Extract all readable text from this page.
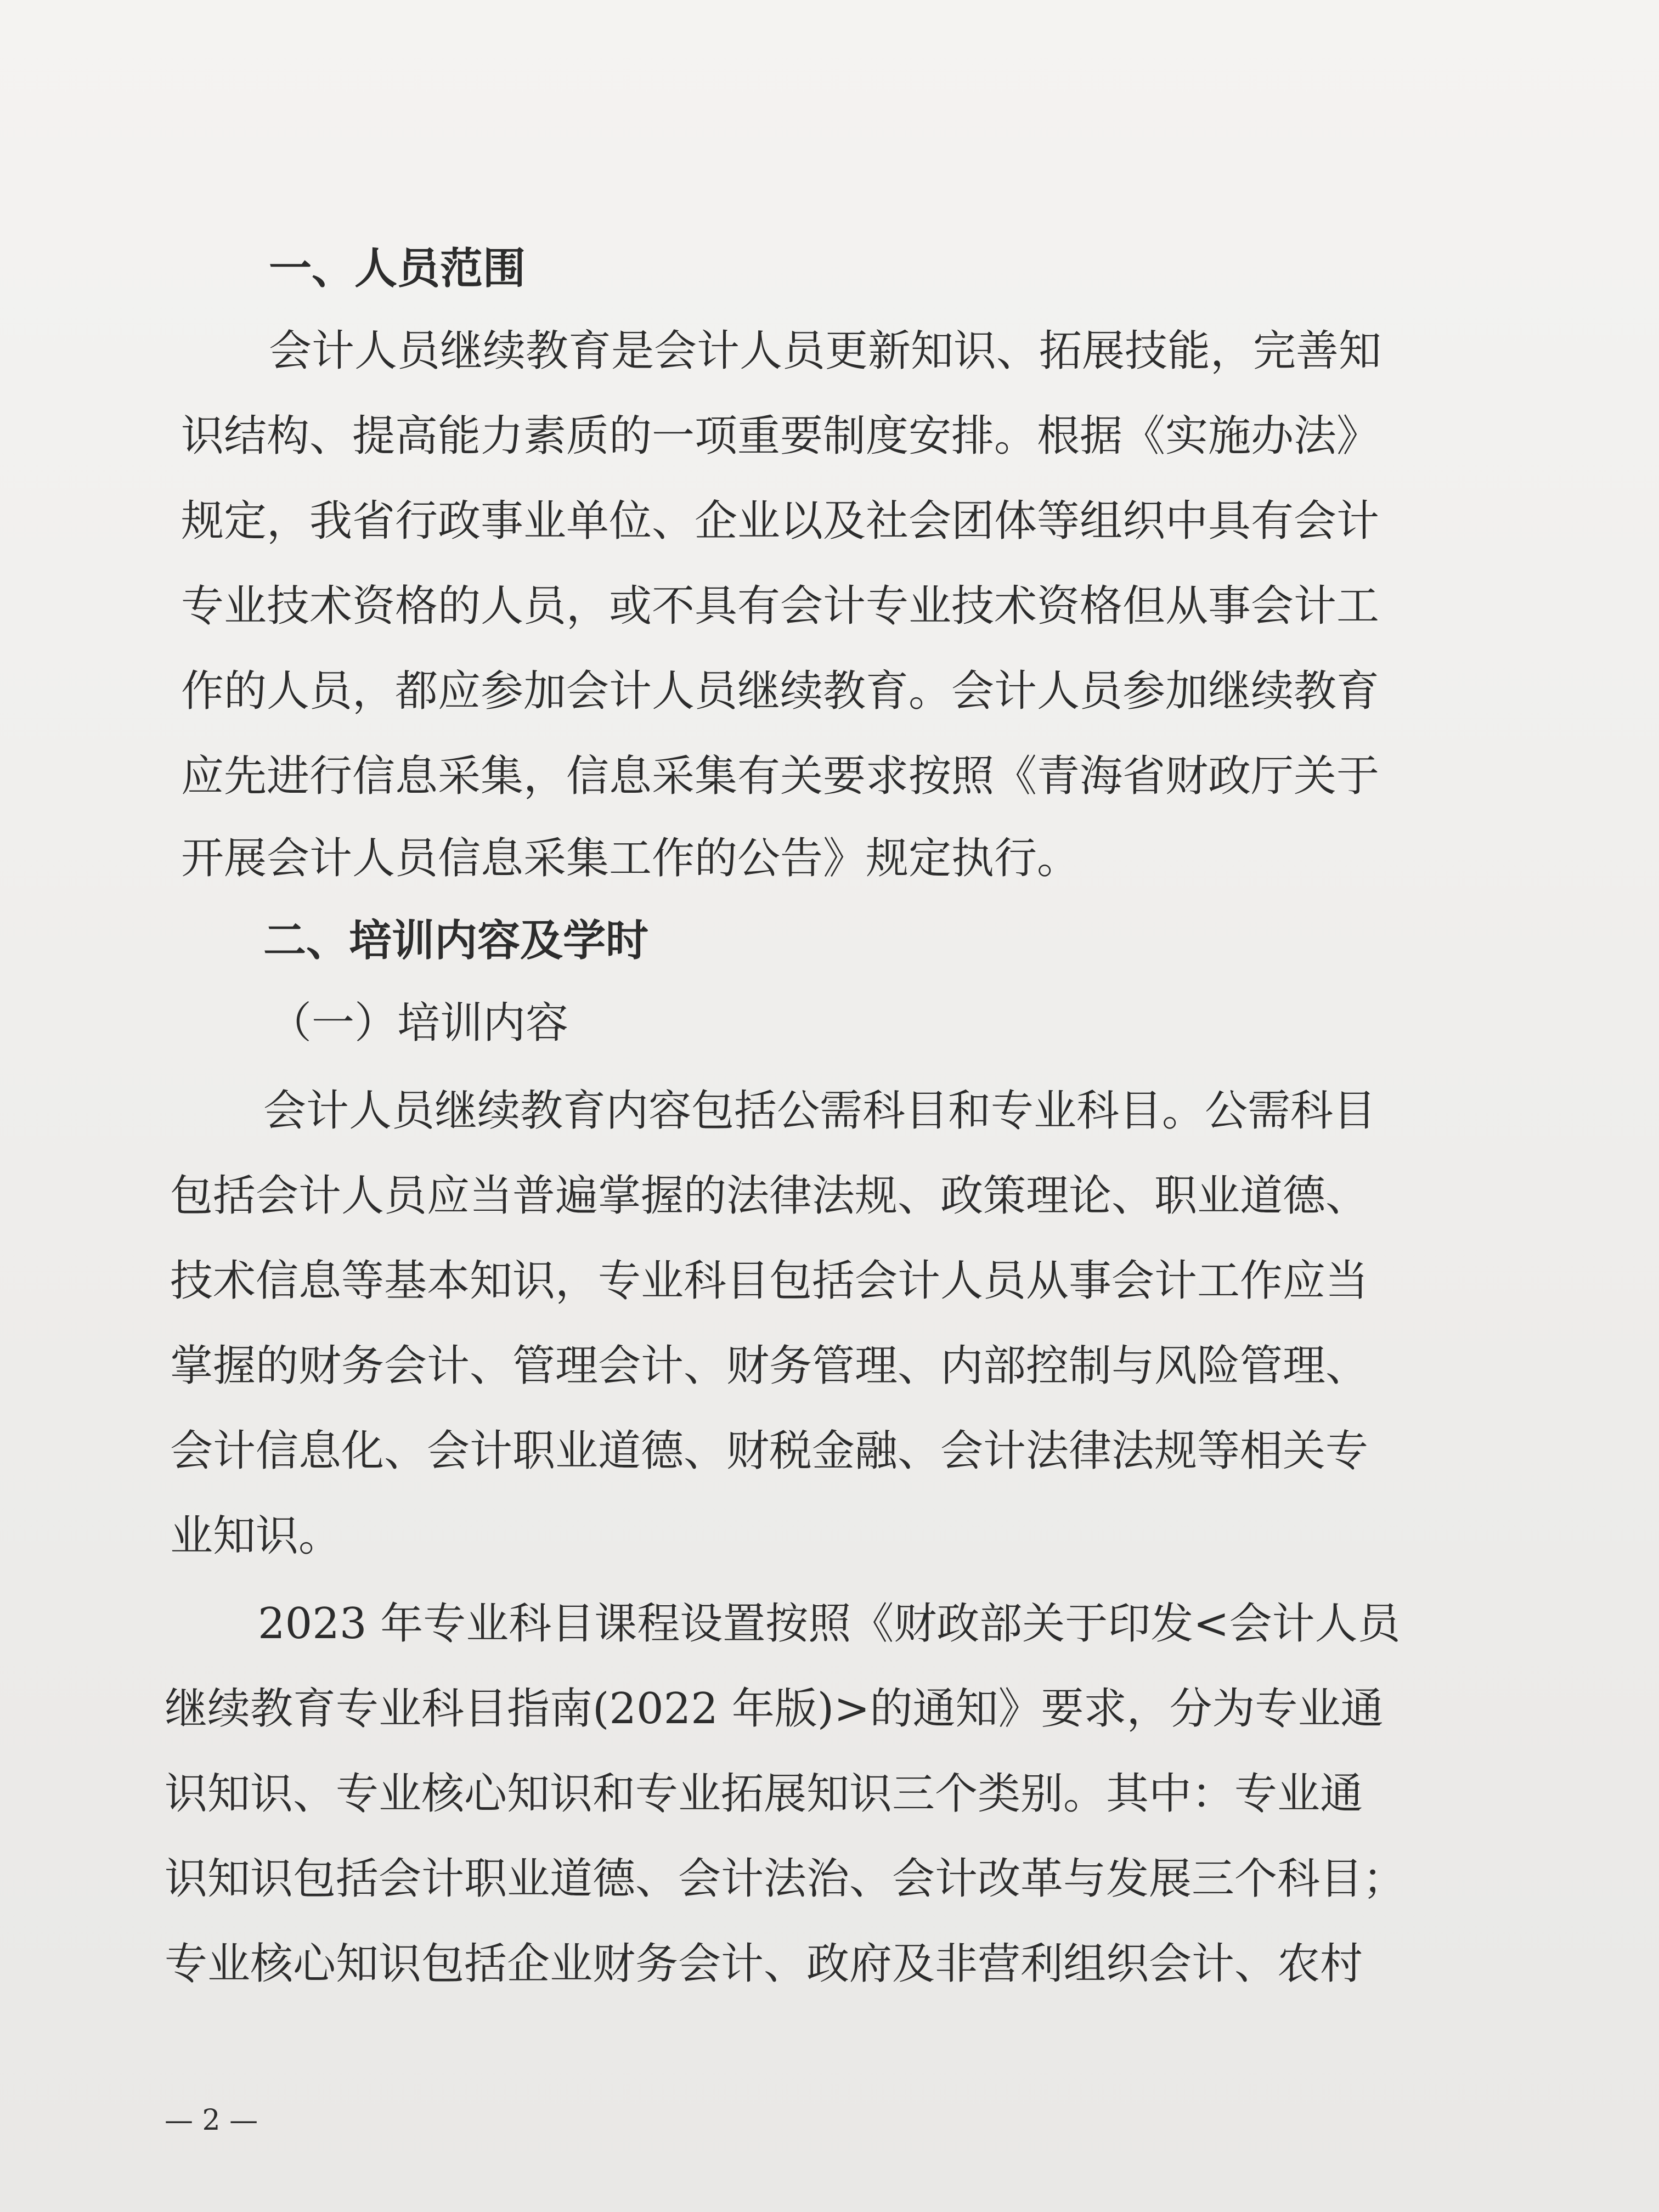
一、人员范围
会计人员继续教育是会计人员更新知识、拓展技能，完善知
识结构、提高能力素质的一项重要制度安排。根据《实施办法》
规定，我省行政事业单位、企业以及社会团体等组织中具有会计
专业技术资格的人员，或不具有会计专业技术资格但从事会计工
作的人员，都应参加会计人员继续教育。会计人员参加继续教育
应先进行信息采集，信息采集有关要求按照《青海省财政厅关于
开展会计人员信息采集工作的公告》规定执行。
二、培训内容及学时
（一）培训内容
会计人员继续教育内容包括公需科目和专业科目。公需科目
包括会计人员应当普遍掌握的法律法规、政策理论、职业道德、
技术信息等基本知识，专业科目包括会计人员从事会计工作应当
掌握的财务会计、管理会计、财务管理、内部控制与风险管理、
会计信息化、会计职业道德、财税金融、会计法律法规等相关专
业知识。
2023 年专业科目课程设置按照《财政部关于印发<会计人员
继续教育专业科目指南(2022 年版)>的通知》要求，分为专业通
识知识、专业核心知识和专业拓展知识三个类别。其中：专业通
识知识包括会计职业道德、会计法治、会计改革与发展三个科目；
专业核心知识包括企业财务会计、政府及非营利组织会计、农村
— 2 —
